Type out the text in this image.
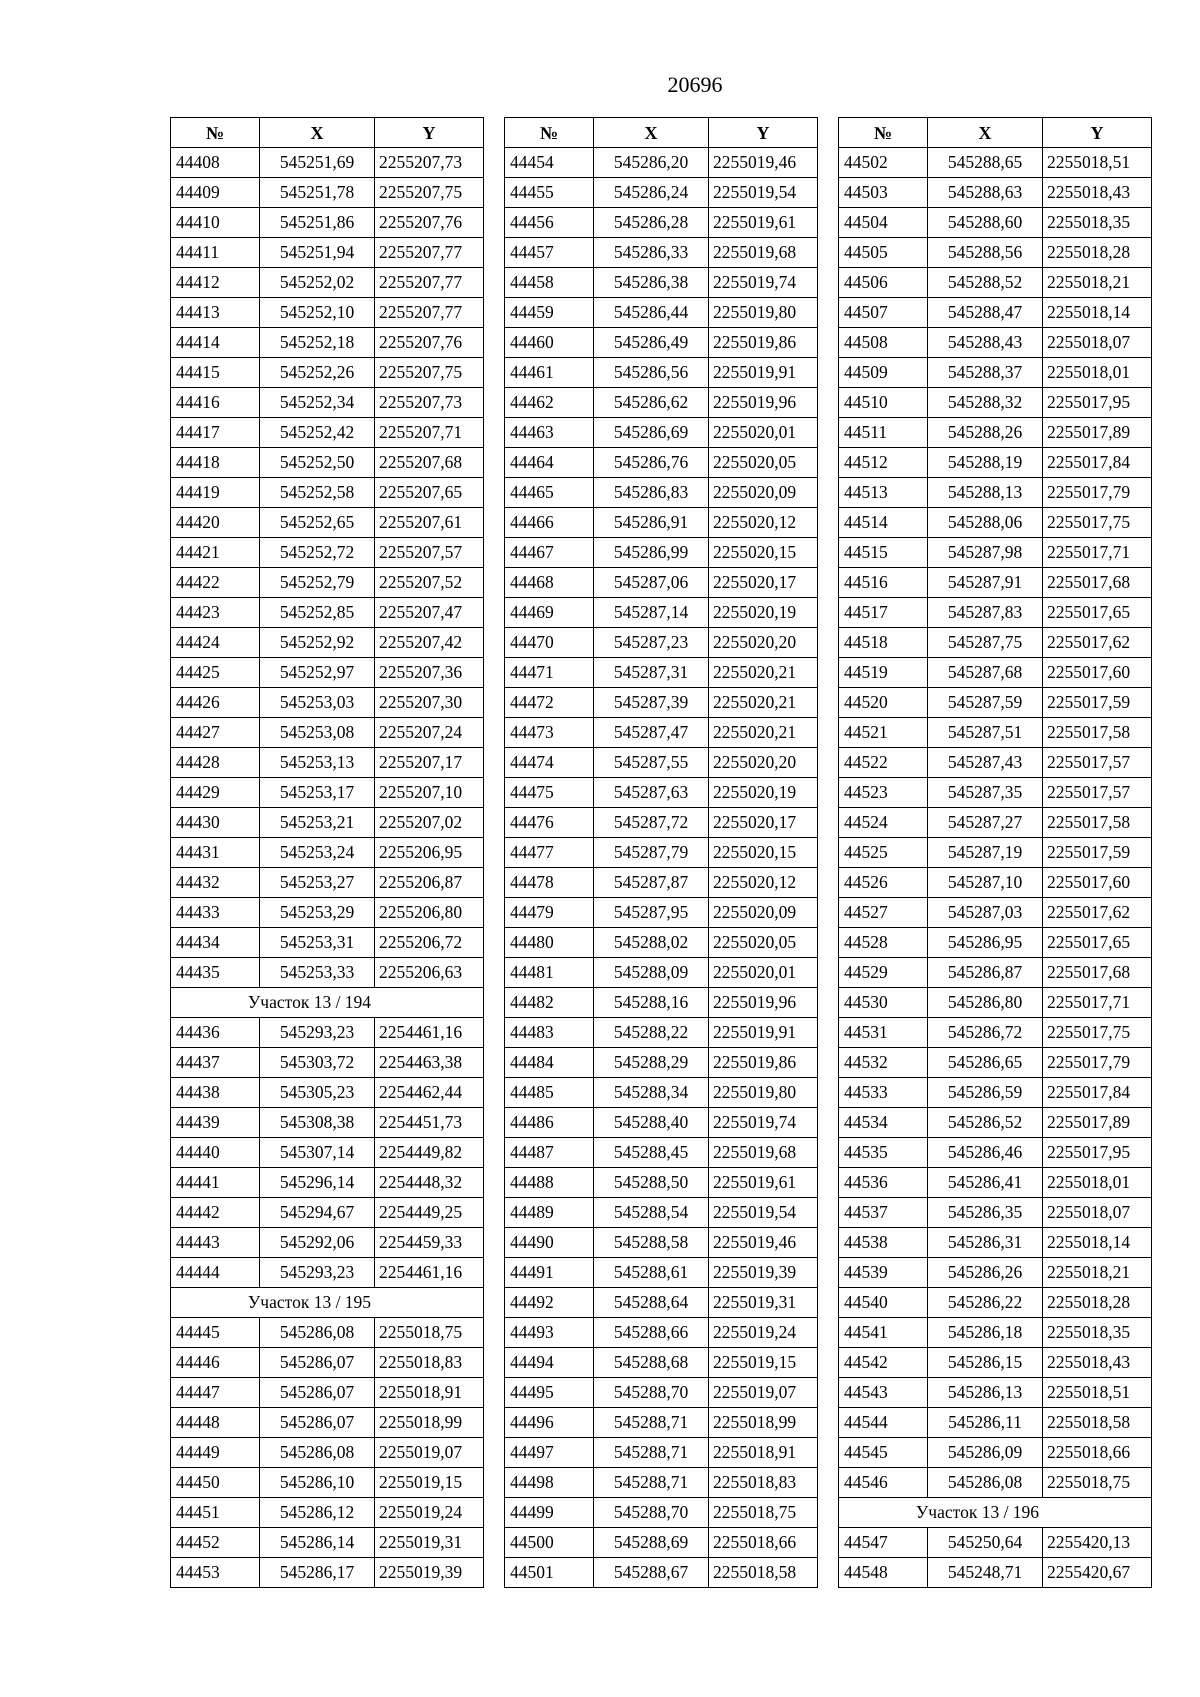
20696
№	X	Y
44408	545251,69	2255207,73
44409	545251,78	2255207,75
44410	545251,86	2255207,76
44411	545251,94	2255207,77
44412	545252,02	2255207,77
44413	545252,10	2255207,77
44414	545252,18	2255207,76
44415	545252,26	2255207,75
44416	545252,34	2255207,73
44417	545252,42	2255207,71
44418	545252,50	2255207,68
44419	545252,58	2255207,65
44420	545252,65	2255207,61
44421	545252,72	2255207,57
44422	545252,79	2255207,52
44423	545252,85	2255207,47
44424	545252,92	2255207,42
44425	545252,97	2255207,36
44426	545253,03	2255207,30
44427	545253,08	2255207,24
44428	545253,13	2255207,17
44429	545253,17	2255207,10
44430	545253,21	2255207,02
44431	545253,24	2255206,95
44432	545253,27	2255206,87
44433	545253,29	2255206,80
44434	545253,31	2255206,72
44435	545253,33	2255206,63
Участок 13 / 194		
44436	545293,23	2254461,16
44437	545303,72	2254463,38
44438	545305,23	2254462,44
44439	545308,38	2254451,73
44440	545307,14	2254449,82
44441	545296,14	2254448,32
44442	545294,67	2254449,25
44443	545292,06	2254459,33
44444	545293,23	2254461,16
Участок 13 / 195		
44445	545286,08	2255018,75
44446	545286,07	2255018,83
44447	545286,07	2255018,91
44448	545286,07	2255018,99
44449	545286,08	2255019,07
44450	545286,10	2255019,15
44451	545286,12	2255019,24
44452	545286,14	2255019,31
44453	545286,17	2255019,39
№	X	Y
44454	545286,20	2255019,46
44455	545286,24	2255019,54
44456	545286,28	2255019,61
44457	545286,33	2255019,68
44458	545286,38	2255019,74
44459	545286,44	2255019,80
44460	545286,49	2255019,86
44461	545286,56	2255019,91
44462	545286,62	2255019,96
44463	545286,69	2255020,01
44464	545286,76	2255020,05
44465	545286,83	2255020,09
44466	545286,91	2255020,12
44467	545286,99	2255020,15
44468	545287,06	2255020,17
44469	545287,14	2255020,19
44470	545287,23	2255020,20
44471	545287,31	2255020,21
44472	545287,39	2255020,21
44473	545287,47	2255020,21
44474	545287,55	2255020,20
44475	545287,63	2255020,19
44476	545287,72	2255020,17
44477	545287,79	2255020,15
44478	545287,87	2255020,12
44479	545287,95	2255020,09
44480	545288,02	2255020,05
44481	545288,09	2255020,01
44482	545288,16	2255019,96
44483	545288,22	2255019,91
44484	545288,29	2255019,86
44485	545288,34	2255019,80
44486	545288,40	2255019,74
44487	545288,45	2255019,68
44488	545288,50	2255019,61
44489	545288,54	2255019,54
44490	545288,58	2255019,46
44491	545288,61	2255019,39
44492	545288,64	2255019,31
44493	545288,66	2255019,24
44494	545288,68	2255019,15
44495	545288,70	2255019,07
44496	545288,71	2255018,99
44497	545288,71	2255018,91
44498	545288,71	2255018,83
44499	545288,70	2255018,75
44500	545288,69	2255018,66
44501	545288,67	2255018,58
№	X	Y
44502	545288,65	2255018,51
44503	545288,63	2255018,43
44504	545288,60	2255018,35
44505	545288,56	2255018,28
44506	545288,52	2255018,21
44507	545288,47	2255018,14
44508	545288,43	2255018,07
44509	545288,37	2255018,01
44510	545288,32	2255017,95
44511	545288,26	2255017,89
44512	545288,19	2255017,84
44513	545288,13	2255017,79
44514	545288,06	2255017,75
44515	545287,98	2255017,71
44516	545287,91	2255017,68
44517	545287,83	2255017,65
44518	545287,75	2255017,62
44519	545287,68	2255017,60
44520	545287,59	2255017,59
44521	545287,51	2255017,58
44522	545287,43	2255017,57
44523	545287,35	2255017,57
44524	545287,27	2255017,58
44525	545287,19	2255017,59
44526	545287,10	2255017,60
44527	545287,03	2255017,62
44528	545286,95	2255017,65
44529	545286,87	2255017,68
44530	545286,80	2255017,71
44531	545286,72	2255017,75
44532	545286,65	2255017,79
44533	545286,59	2255017,84
44534	545286,52	2255017,89
44535	545286,46	2255017,95
44536	545286,41	2255018,01
44537	545286,35	2255018,07
44538	545286,31	2255018,14
44539	545286,26	2255018,21
44540	545286,22	2255018,28
44541	545286,18	2255018,35
44542	545286,15	2255018,43
44543	545286,13	2255018,51
44544	545286,11	2255018,58
44545	545286,09	2255018,66
44546	545286,08	2255018,75
Участок 13 / 196		
44547	545250,64	2255420,13
44548	545248,71	2255420,67
